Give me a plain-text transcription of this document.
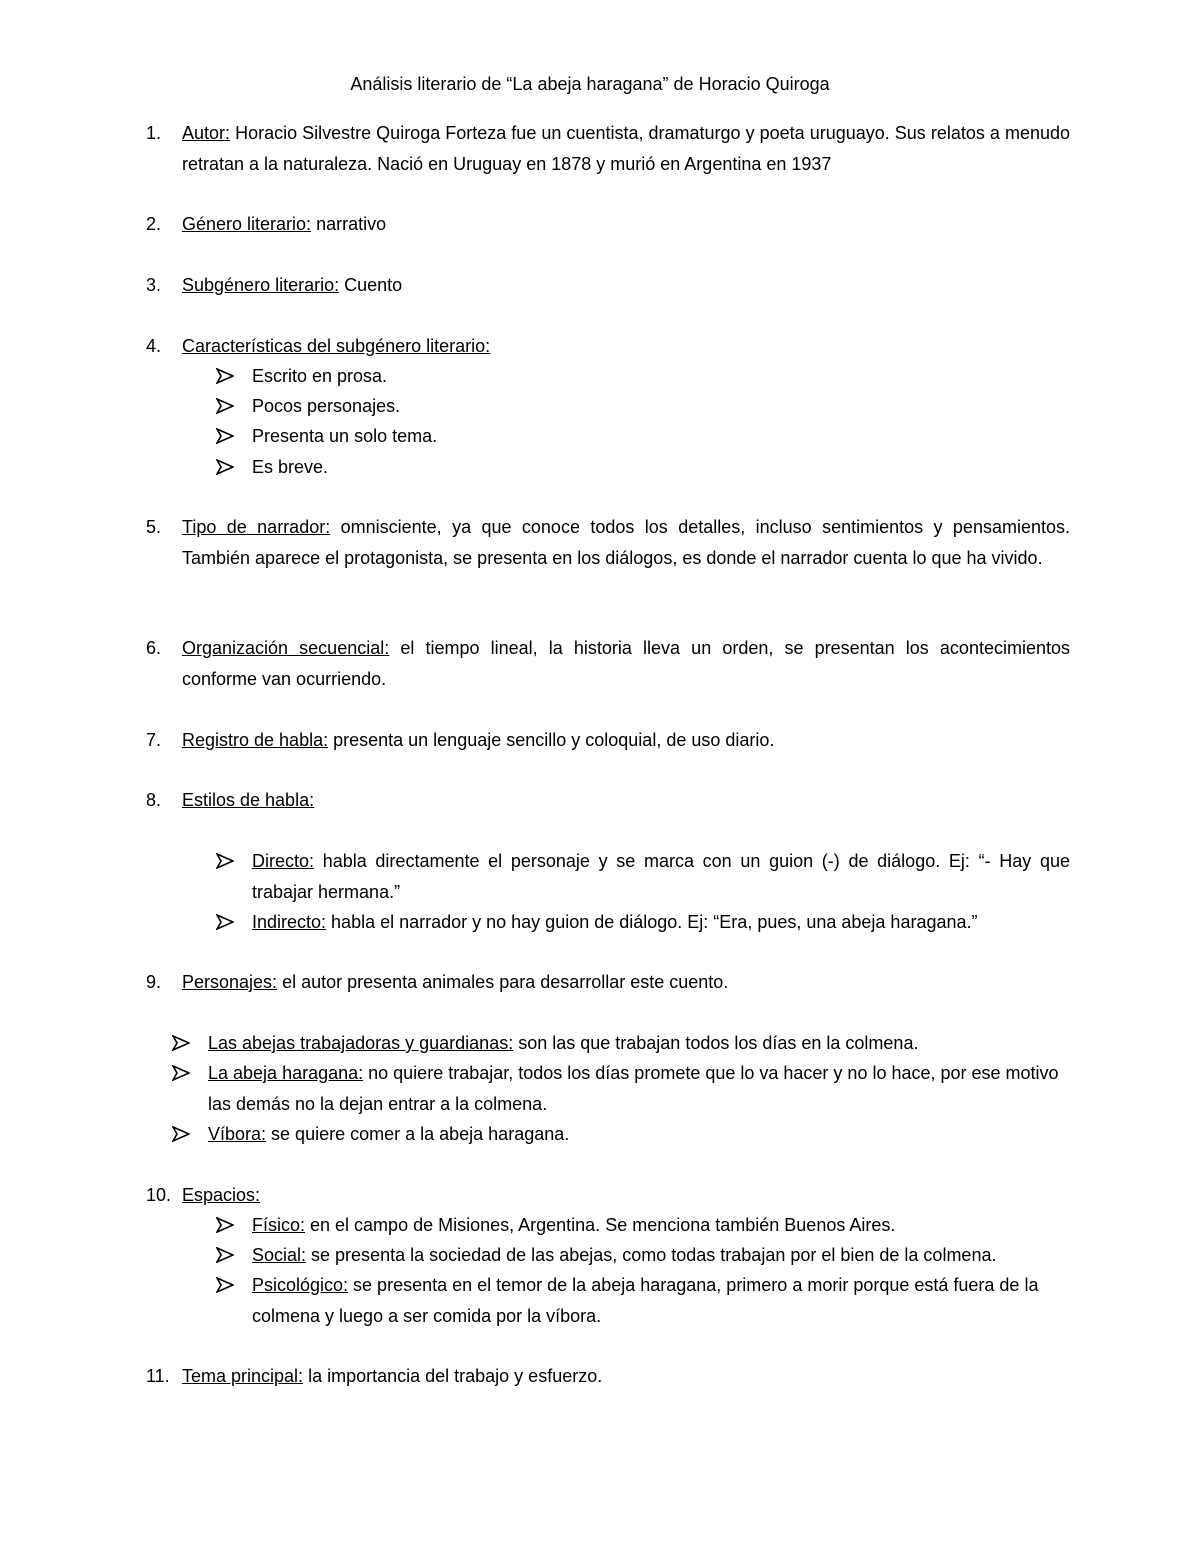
Análisis literario de “La abeja haragana” de Horacio Quiroga
1.	Autor: Horacio Silvestre Quiroga Forteza fue un cuentista, dramaturgo y poeta uruguayo. Sus relatos a menudo retratan a la naturaleza. Nació en Uruguay en 1878 y murió en Argentina en 1937
2.	Género literario: narrativo
3.	Subgénero literario: Cuento
4.	Características del subgénero literario:
Escrito en prosa.
Pocos personajes.
Presenta un solo tema.
Es breve.
5.	Tipo de narrador: omnisciente, ya que conoce todos los detalles, incluso sentimientos y pensamientos. También aparece el protagonista, se presenta en los diálogos, es donde el narrador cuenta lo que ha vivido.
6.	Organización secuencial: el tiempo lineal, la historia lleva un orden, se presentan los acontecimientos conforme van ocurriendo.
7.	Registro de habla: presenta un lenguaje sencillo y coloquial, de uso diario.
8.	Estilos de habla:
Directo: habla directamente el personaje y se marca con un guion (-) de diálogo. Ej: “- Hay que trabajar hermana.”
Indirecto: habla el narrador y no hay guion de diálogo. Ej: “Era, pues, una abeja haragana.”
9.	Personajes: el autor presenta animales para desarrollar este cuento.
Las abejas trabajadoras y guardianas: son las que trabajan todos los días en la colmena.
La abeja haragana: no quiere trabajar, todos los días promete que lo va hacer y no lo hace, por ese motivo las demás no la dejan entrar a la colmena.
Víbora: se quiere comer a la abeja haragana.
10. Espacios:
Físico: en el campo de Misiones, Argentina. Se menciona también Buenos Aires.
Social: se presenta la sociedad de las abejas, como todas trabajan por el bien de la colmena.
Psicológico: se presenta en el temor de la abeja haragana, primero a morir porque está fuera de la colmena y luego a ser comida por la víbora.
11. Tema principal: la importancia del trabajo y esfuerzo.
